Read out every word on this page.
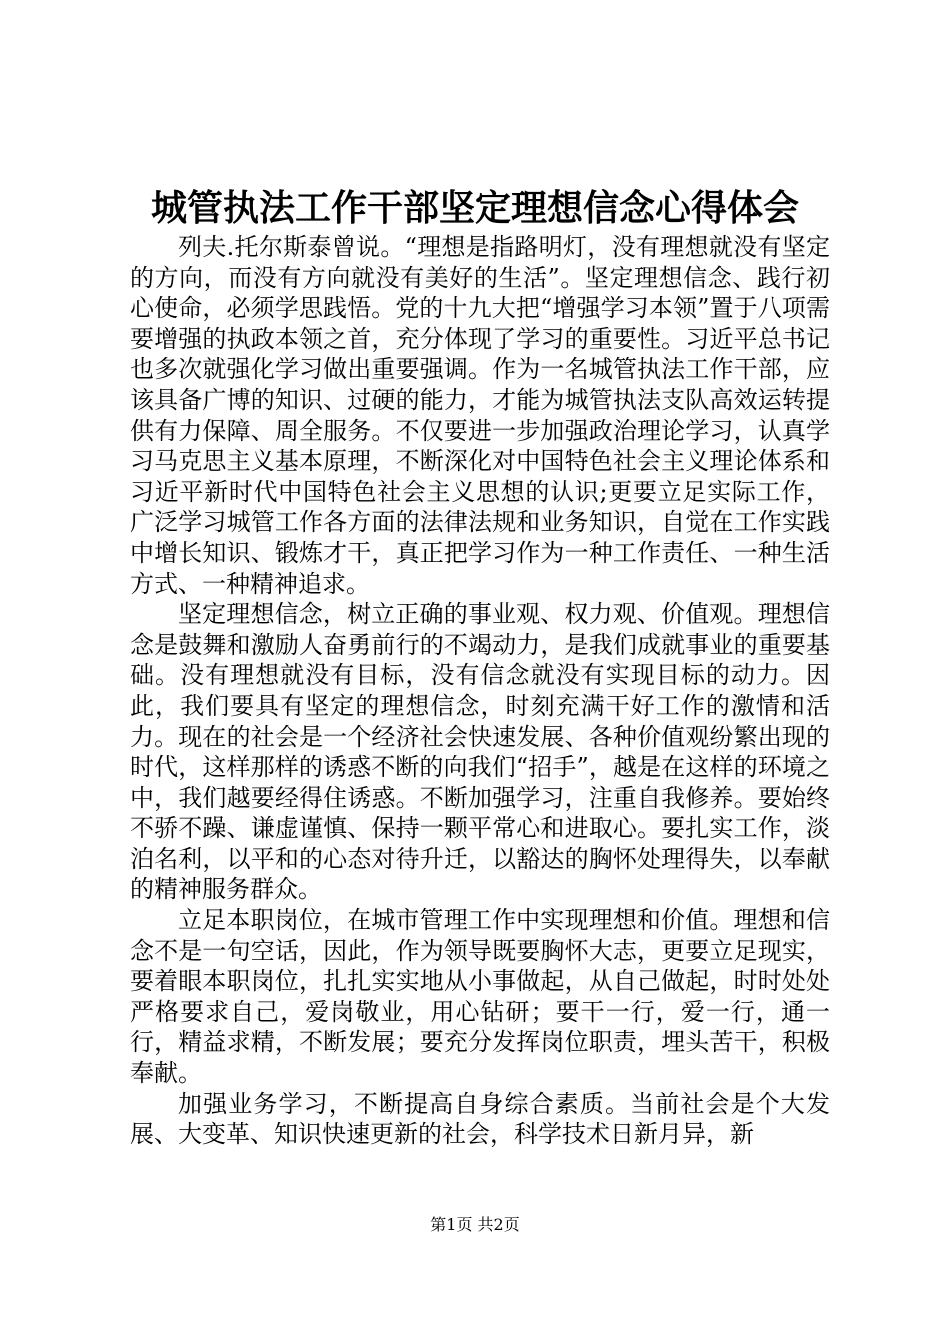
城管执法工作干部坚定理想信念心得体会

列夫.托尔斯泰曾说。“理想是指路明灯，没有理想就没有坚定的方向，而没有方向就没有美好的生活”。坚定理想信念、践行初心使命，必须学思践悟。党的十九大把“增强学习本领”置于八项需要增强的执政本领之首，充分体现了学习的重要性。习近平总书记也多次就强化学习做出重要强调。作为一名城管执法工作干部，应该具备广博的知识、过硬的能力，才能为城管执法支队高效运转提供有力保障、周全服务。不仅要进一步加强政治理论学习，认真学习马克思主义基本原理，不断深化对中国特色社会主义理论体系和习近平新时代中国特色社会主义思想的认识;更要立足实际工作，广泛学习城管工作各方面的法律法规和业务知识，自觉在工作实践中增长知识、锻炼才干，真正把学习作为一种工作责任、一种生活方式、一种精神追求。

坚定理想信念，树立正确的事业观、权力观、价值观。理想信念是鼓舞和激励人奋勇前行的不竭动力，是我们成就事业的重要基础。没有理想就没有目标，没有信念就没有实现目标的动力。因此，我们要具有坚定的理想信念，时刻充满干好工作的激情和活力。现在的社会是一个经济社会快速发展、各种价值观纷繁出现的时代，这样那样的诱惑不断的向我们“招手”，越是在这样的环境之中，我们越要经得住诱惑。不断加强学习，注重自我修养。要始终不骄不躁、谦虚谨慎、保持一颗平常心和进取心。要扎实工作，淡泊名利，以平和的心态对待升迁，以豁达的胸怀处理得失，以奉献的精神服务群众。

立足本职岗位，在城市管理工作中实现理想和价值。理想和信念不是一句空话，因此，作为领导既要胸怀大志，更要立足现实，要着眼本职岗位，扎扎实实地从小事做起，从自己做起，时时处处严格要求自己，爱岗敬业，用心钻研；要干一行，爱一行，通一行，精益求精，不断发展；要充分发挥岗位职责，埋头苦干，积极奉献。

加强业务学习，不断提高自身综合素质。当前社会是个大发展、大变革、知识快速更新的社会，科学技术日新月异，新

第1页 共2页
